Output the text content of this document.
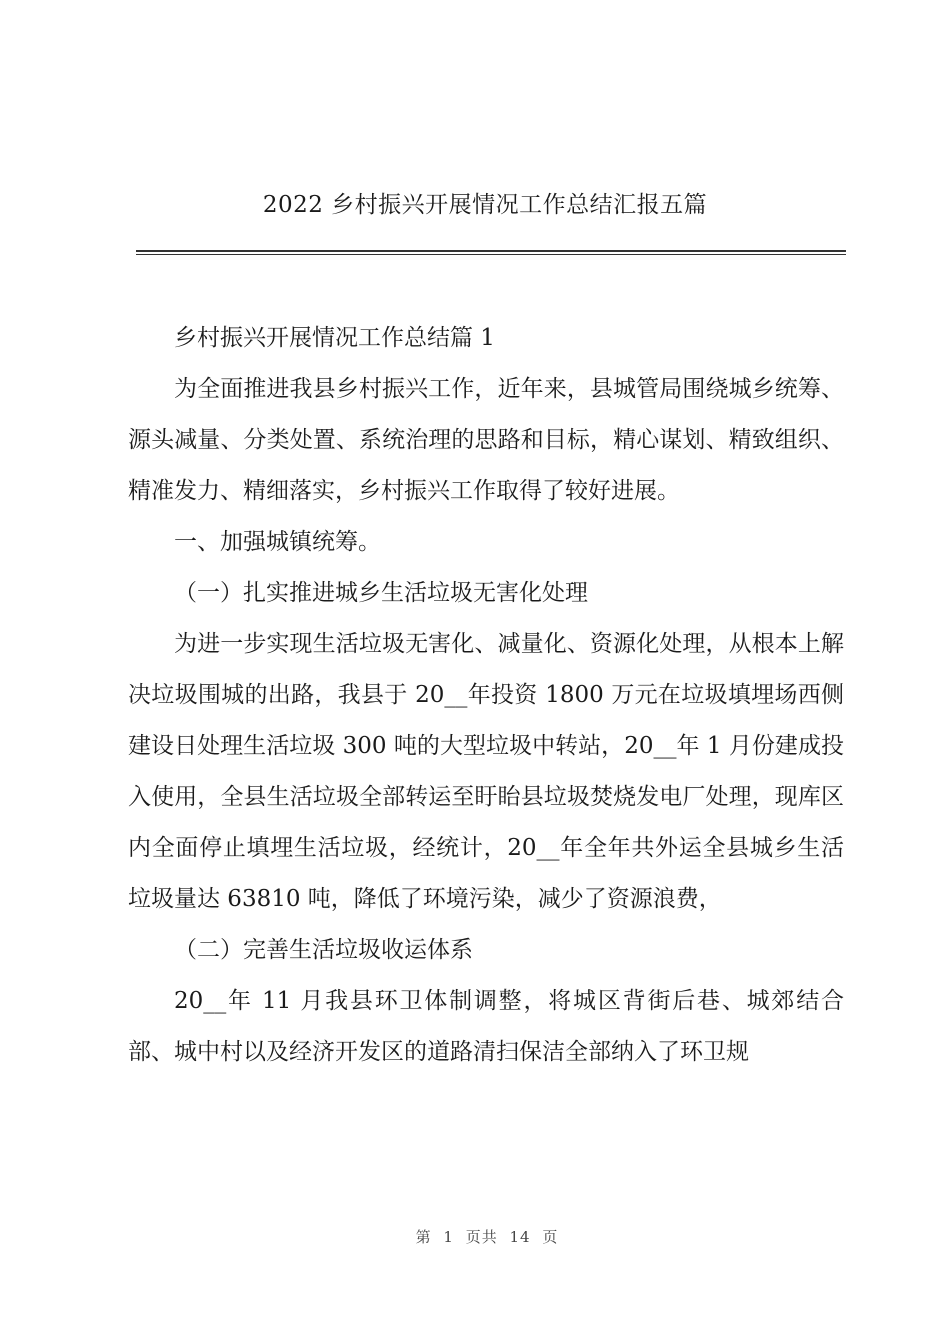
2022 乡村振兴开展情况工作总结汇报五篇

乡村振兴开展情况工作总结篇 1

为全面推进我县乡村振兴工作，近年来，县城管局围绕城乡统筹、源头减量、分类处置、系统治理的思路和目标，精心谋划、精致组织、精准发力、精细落实，乡村振兴工作取得了较好进展。

一、加强城镇统筹。

（一）扎实推进城乡生活垃圾无害化处理

为进一步实现生活垃圾无害化、减量化、资源化处理，从根本上解决垃圾围城的出路，我县于 20__年投资 1800 万元在垃圾填埋场西侧建设日处理生活垃圾 300 吨的大型垃圾中转站，20__年 1 月份建成投入使用，全县生活垃圾全部转运至盱眙县垃圾焚烧发电厂处理，现库区内全面停止填埋生活垃圾，经统计，20__年全年共外运全县城乡生活垃圾量达 63810 吨，降低了环境污染，减少了资源浪费，

（二）完善生活垃圾收运体系

20__年 11 月我县环卫体制调整，将城区背街后巷、城郊结合部、城中村以及经济开发区的道路清扫保洁全部纳入了环卫规

第 1 页共 14 页
